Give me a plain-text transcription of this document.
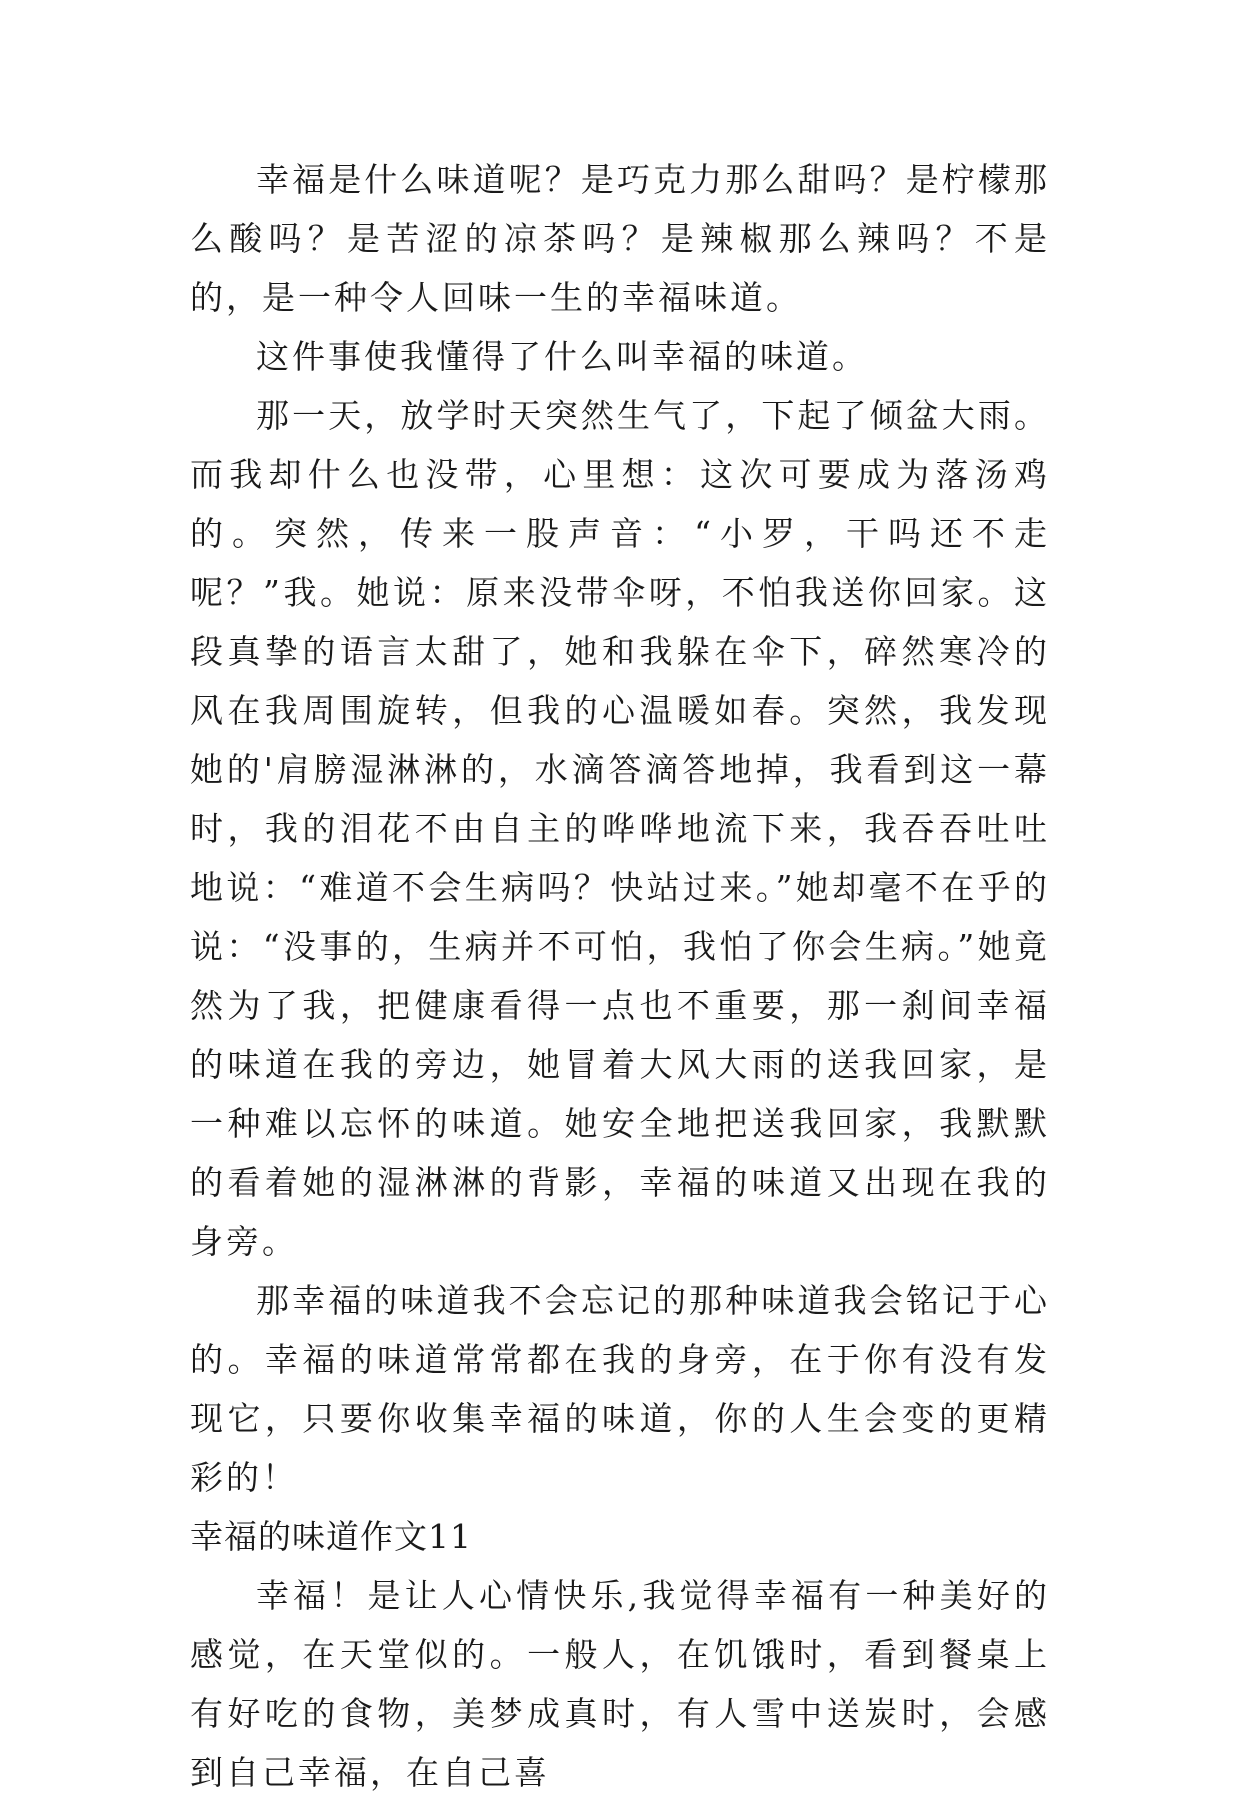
幸福是什么味道呢？是巧克力那么甜吗？是柠檬那么酸吗？是苦涩的凉茶吗？是辣椒那么辣吗？不是的，是一种令人回味一生的幸福味道。

这件事使我懂得了什么叫幸福的味道。

那一天，放学时天突然生气了，下起了倾盆大雨。而我却什么也没带，心里想：这次可要成为落汤鸡的。突然，传来一股声音：“小罗，干吗还不走呢？”我。她说：原来没带伞呀，不怕我送你回家。这段真挚的语言太甜了，她和我躲在伞下，碎然寒冷的风在我周围旋转，但我的心温暖如春。突然，我发现她的'肩膀湿淋淋的，水滴答滴答地掉，我看到这一幕时，我的泪花不由自主的哗哗地流下来，我吞吞吐吐地说：“难道不会生病吗？快站过来。”她却毫不在乎的说：“没事的，生病并不可怕，我怕了你会生病。”她竟然为了我，把健康看得一点也不重要，那一刹间幸福的味道在我的旁边，她冒着大风大雨的送我回家，是一种难以忘怀的味道。她安全地把送我回家，我默默的看着她的湿淋淋的背影，幸福的味道又出现在我的身旁。

那幸福的味道我不会忘记的那种味道我会铭记于心的。幸福的味道常常都在我的身旁，在于你有没有发现它，只要你收集幸福的味道，你的人生会变的更精彩的！

幸福的味道作文11

幸福！是让人心情快乐,我觉得幸福有一种美好的感觉，在天堂似的。一般人，在饥饿时，看到餐桌上有好吃的食物，美梦成真时，有人雪中送炭时，会感到自己幸福，在自己喜
